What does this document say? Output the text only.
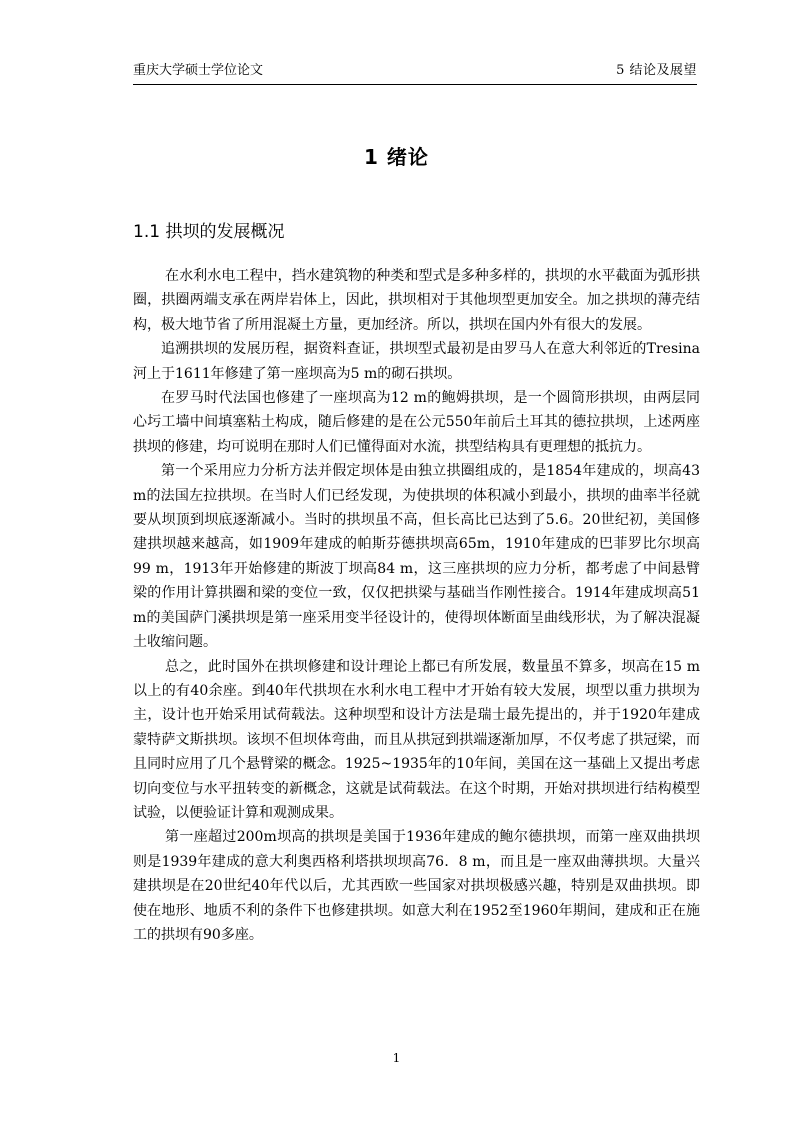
重庆大学硕士学位论文	5 结论及展望
1 绪论
1.1 拱坝的发展概况

在水利水电工程中，挡水建筑物的种类和型式是多种多样的，拱坝的水平截面为弧形拱圈，拱圈两端支承在两岸岩体上，因此，拱坝相对于其他坝型更加安全。加之拱坝的薄壳结构，极大地节省了所用混凝土方量，更加经济。所以，拱坝在国内外有很大的发展。

追溯拱坝的发展历程，据资料查证，拱坝型式最初是由罗马人在意大利邻近的Tresina河上于1611年修建了第一座坝高为5 m的砌石拱坝。

在罗马时代法国也修建了一座坝高为12 m的鲍姆拱坝，是一个圆筒形拱坝，由两层同心圬工墙中间填塞粘土构成，随后修建的是在公元550年前后土耳其的德拉拱坝，上述两座拱坝的修建，均可说明在那时人们已懂得面对水流，拱型结构具有更理想的抵抗力。

第一个采用应力分析方法并假定坝体是由独立拱圈组成的，是1854年建成的，坝高43 m的法国左拉拱坝。在当时人们已经发现，为使拱坝的体积减小到最小，拱坝的曲率半径就要从坝顶到坝底逐渐减小。当时的拱坝虽不高，但长高比已达到了5.6。20世纪初，美国修建拱坝越来越高，如1909年建成的帕斯芬德拱坝高65m，1910年建成的巴菲罗比尔坝高 99 m，1913年开始修建的斯波丁坝高84 m，这三座拱坝的应力分析，都考虑了中间悬臂梁的作用计算拱圈和梁的变位一致，仅仅把拱梁与基础当作刚性接合。1914年建成坝高51 m的美国萨门溪拱坝是第一座采用变半径设计的，使得坝体断面呈曲线形状，为了解决混凝土收缩问题。

总之，此时国外在拱坝修建和设计理论上都已有所发展，数量虽不算多，坝高在15 m以上的有40余座。到40年代拱坝在水利水电工程中才开始有较大发展，坝型以重力拱坝为主，设计也开始采用试荷载法。这种坝型和设计方法是瑞士最先提出的，并于1920年建成蒙特萨文斯拱坝。该坝不但坝体弯曲，而且从拱冠到拱端逐渐加厚，不仅考虑了拱冠梁，而且同时应用了几个悬臂梁的概念。1925~1935年的10年间，美国在这一基础上又提出考虑切向变位与水平扭转变的新概念，这就是试荷载法。在这个时期，开始对拱坝进行结构模型试验，以便验证计算和观测成果。

第一座超过200m坝高的拱坝是美国于1936年建成的鲍尔德拱坝，而第一座双曲拱坝则是1939年建成的意大利奥西格利塔拱坝坝高76．8 m，而且是一座双曲薄拱坝。大量兴建拱坝是在20世纪40年代以后，尤其西欧一些国家对拱坝极感兴趣，特别是双曲拱坝。即使在地形、地质不利的条件下也修建拱坝。如意大利在1952至1960年期间，建成和正在施工的拱坝有90多座。

1
